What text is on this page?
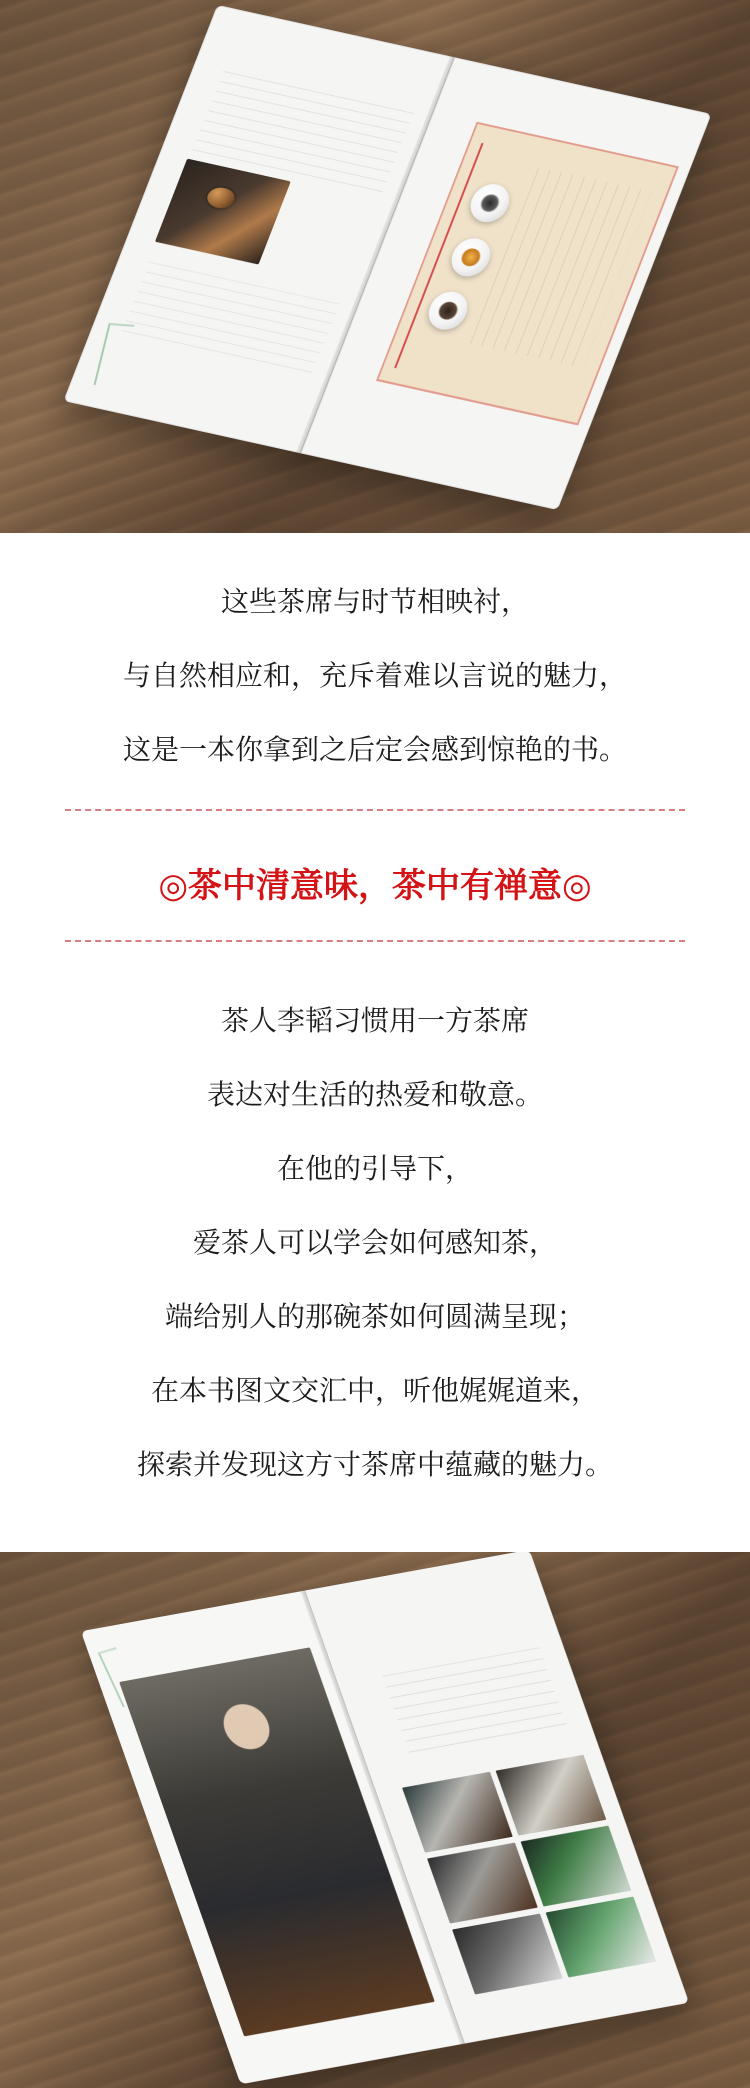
这些茶席与时节相映衬，
与自然相应和，充斥着难以言说的魅力，
这是一本你拿到之后定会感到惊艳的书。
◎茶中清意味，茶中有禅意◎
茶人李韬习惯用一方茶席
表达对生活的热爱和敬意。
在他的引导下，
爱茶人可以学会如何感知茶，
端给别人的那碗茶如何圆满呈现；
在本书图文交汇中，听他娓娓道来，
探索并发现这方寸茶席中蕴藏的魅力。
